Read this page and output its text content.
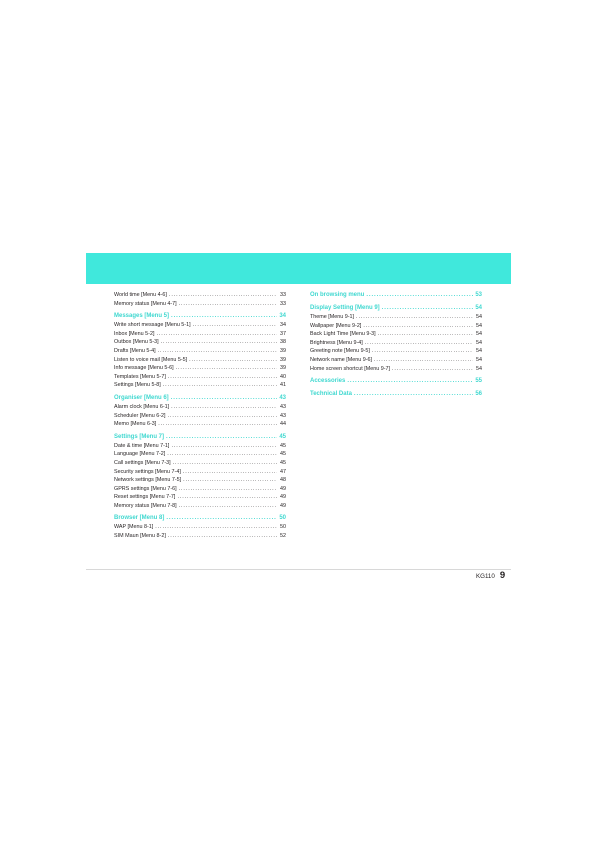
World time [Menu 4-6] .....	33
Memory status [Menu 4-7] .....	33
Messages [Menu 5] .....	34
Write short message [Menu 5-1] .....	34
Inbox [Menu 5-2] .....	37
Outbox [Menu 5-3] .....	38
Drafts [Menu 5-4] .....	39
Listen to voice mail [Menu 5-5] .....	39
Info message [Menu 5-6] .....	39
Templates [Menu 5-7] .....	40
Settings [Menu 5-8] .....	41
Organiser [Menu 6] .....	43
Alarm clock [Menu 6-1] .....	43
Scheduler [Menu 6-2] .....	43
Memo [Menu 6-3] .....	44
Settings [Menu 7] .....	45
Date & time [Menu 7-1] .....	45
Language [Menu 7-2] .....	45
Call settings [Menu 7-3] .....	45
Security settings [Menu 7-4] .....	47
Network settings [Menu 7-5] .....	48
GPRS settings [Menu 7-6] .....	49
Reset settings [Menu 7-7] .....	49
Memory status [Menu 7-8] .....	49
Browser [Menu 8] .....	50
WAP [Menu 8-1] .....	50
SIM Maun [Menu 8-2] .....	52
On browsing menu .....	53
Display Setting [Menu 9] .....	54
Theme [Menu 9-1] .....	54
Wallpaper [Menu 9-2] .....	54
Back Light Time [Menu 9-3] .....	54
Brightness [Menu 9-4] .....	54
Greeting note [Menu 9-5] .....	54
Network name [Menu 9-6] .....	54
Home screen shortcut [Menu 9-7] .....	54
Accessories .....	55
Technical Data .....	56
KG110 9
